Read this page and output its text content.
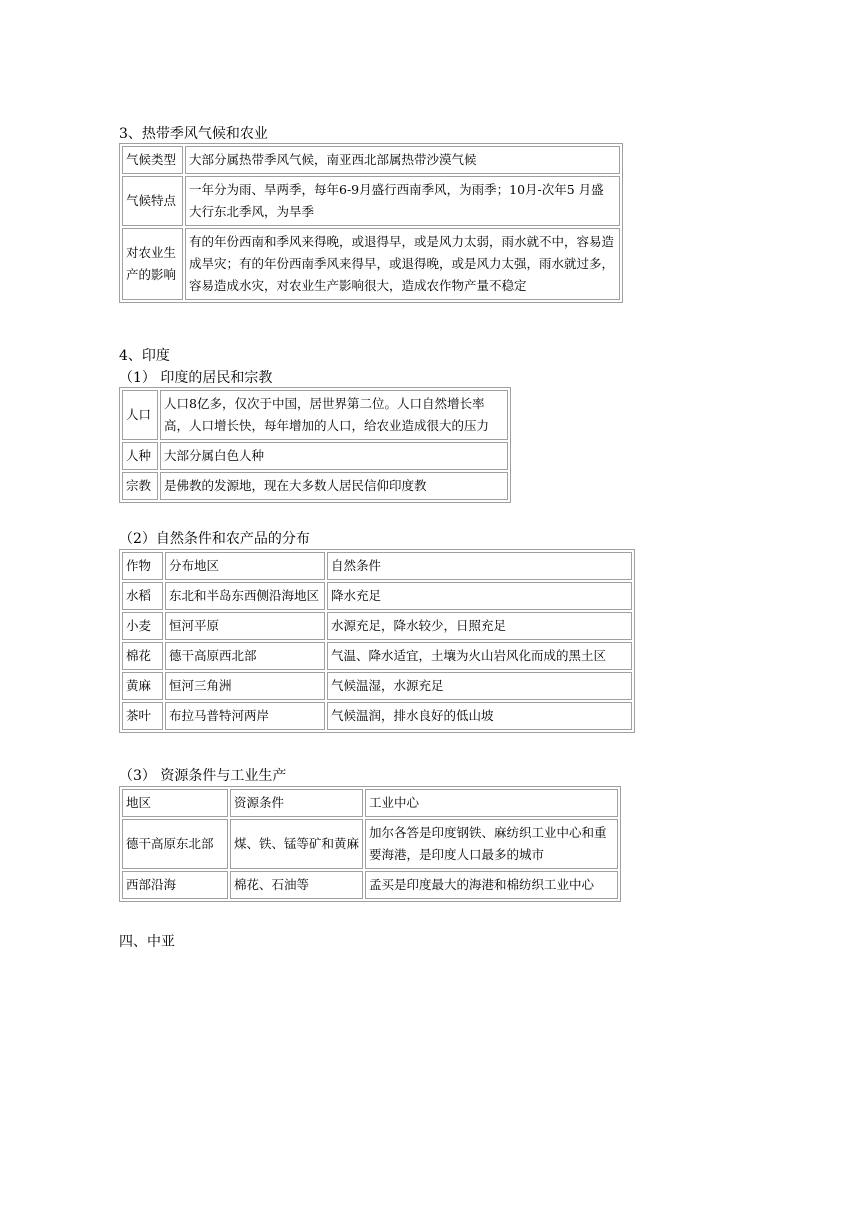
3、热带季风气候和农业
气候类型	大部分属热带季风气候，南亚西北部属热带沙漠气候
气候特点	一年分为雨、旱两季，每年6-9月盛行西南季风，为雨季；10月-次年5 月盛大行东北季风，为旱季
对农业生产的影响	有的年份西南和季风来得晚，或退得早，或是风力太弱，雨水就不中，容易造成旱灾；有的年份西南季风来得早，或退得晚，或是风力太强，雨水就过多，容易造成水灾，对农业生产影响很大，造成农作物产量不稳定
4、印度
（1） 印度的居民和宗教
人口	人口8亿多，仅次于中国，居世界第二位。人口自然增长率高，人口增长快，每年增加的人口，给农业造成很大的压力
人种	大部分属白色人种
宗教	是佛教的发源地，现在大多数人居民信仰印度教
（2）自然条件和农产品的分布
作物	分布地区	自然条件
水稻	东北和半岛东西侧沿海地区	降水充足
小麦	恒河平原	水源充足，降水较少，日照充足
棉花	德干高原西北部	气温、降水适宜，土壤为火山岩风化而成的黑土区
黄麻	恒河三角洲	气候温湿，水源充足
茶叶	布拉马普特河两岸	气候温润，排水良好的低山坡
（3） 资源条件与工业生产
地区	资源条件	工业中心
德干高原东北部	煤、铁、锰等矿和黄麻	加尔各答是印度钢铁、麻纺织工业中心和重要海港，是印度人口最多的城市
西部沿海	棉花、石油等	孟买是印度最大的海港和棉纺织工业中心
四、中亚
